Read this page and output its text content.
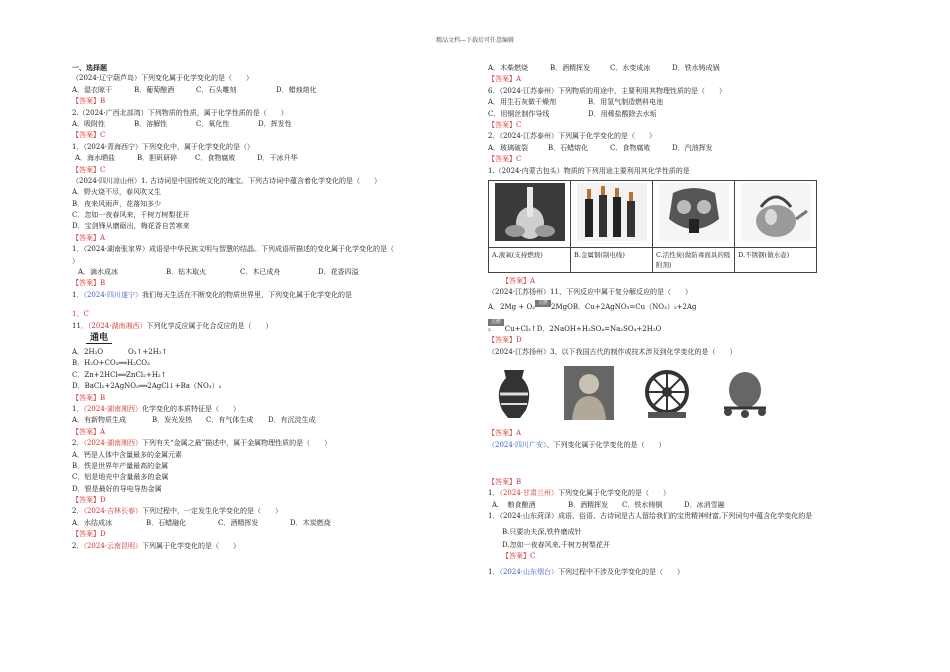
精品文档---下载后可任意编辑
一、选择题
（2024·辽宁葫芦岛）下列变化属于化学变化的是（　　）
A．湿衣晾干	B．葡萄酿酒	C．石头雕刻	D．蜡烛熔化
【答案】B
2.（2024·广西北部湾）下列物质的性质，属于化学性质的是（　　）
A．吸附性	B．溶解性	C．氧化性	D．挥发性
【答案】C
1．（2024·青海西宁）下列变化中，属于化学变化的是（）
A．海水晒盐	B．胆矾研碎	C．食物腐败	D．干冰升华
【答案】C
（2024·四川凉山州）1. 古诗词是中国传统文化的瑰宝。下列古诗词中蕴含着化学变化的是（　　）
A．野火烧不尽，春风吹又生
B．夜来风雨声，花落知多少
C．忽如一夜春风来，千树万树梨花开
D．宝剑锋从磨砺出，梅花香自苦寒来
【答案】A
1．（2024·湖南张家界）成语是中华民族文明与智慧的结晶。下列成语所描述的变化属于化学变化的是（
）
A．滴水成冰	B．钻木取火	C．木已成舟	D．花香四溢
【答案】B
1．（2024·四川遂宁）我们每天生活在不断变化的物质世界里，下列变化属于化学变化的是
1、C
11．（2024·湖南湘西）下列化学反应属于化合反应的是（　　）
通电
A．2H₂O	O₂↑+2H₂↑
B．H₂O+CO₂══H₂CO₃
C．Zn+2HCl══ZnCl₂+H₂↑
D．BaCl₂+2AgNO₃══2AgCl↓+Ba（NO₃）₂
【答案】B
1．（2024·湖南湘西）化学变化的本质特征是（　　）
A．有新物质生成	B．发光发热 C．有气体生成 D．有沉淀生成
【答案】A
2．（2024·湖南湘西）下列有关“金属之最”描述中，属于金属物理性质的是（　　）
A．钙是人体中含量最多的金属元素
B．铁是世界年产量最高的金属
C．铝是地壳中含量最多的金属
D．银是最好的导电导热金属
【答案】D
2．（2024·吉林长春）下列过程中，一定发生化学变化的是（　　）
A．水结成冰	B．石蜡融化	C．酒精挥发	D．木炭燃烧
【答案】D
2．（2024·云南昆明）下列属于化学变化的是（　　）
A．木柴燃烧	B．酒精挥发	C．水变成冰	D．铁水铸成锅
【答案】A
6．（2024·江苏泰州）下列物质的用途中，主要利用其物理性质的是（　　）
A．用生石灰做干燥剂	B．用氢气制造燃料电池
C．用铜丝制作导线	D．用稀盐酸除去水垢
【答案】C
2．（2024·江苏泰州）下列属于化学变化的是（　　）
A．玻璃破裂	B．石蜡熔化	C．食物腐败	D．汽油挥发
【答案】C
1.（2024·内蒙古包头）物质的下列用途主要利用其化学性质的是

A.液氧(支持燃烧)	B.金属铜(制电线)	C.活性炭(做防毒面具的吸附剂)	D.不锈钢(做水壶)
【答案】A
（2024·江苏扬州）11、下列反应中属于复分解反应的是（　　）
A．2Mg + O₂ 点燃 2MgOB．Cu+2AgNO₃=Cu（NO₃）₂+2Ag
点燃
₂　　Cu+Cl₂↑D．2NaOH+H₂SO₄=Na₂SO₄+2H₂O
【答案】D
（2024·江苏扬州）3、以下我国古代的制作或技术涉及到化学变化的是（　　）
【答案】A
（2024·四川广安）、下列变化属于化学变化的是（　　）
【答案】B
1．（2024·甘肃兰州）下列变化属于化学变化的是（　　）
A．　粮食酿酒	B．酒精挥发 C．铁水铸铜	D．冰消雪融
1．（2024·山东菏泽）成语、俗语、古诗词是古人留给我们的宝贵精神财富,下列词句中蕴含化学变化的是
B.只要功夫深,铁杵磨成针
D.忽如一夜春风来,千树万树梨花开
【答案】C
1．（2024·山东烟台）下列过程中不涉及化学变化的是（　　）
